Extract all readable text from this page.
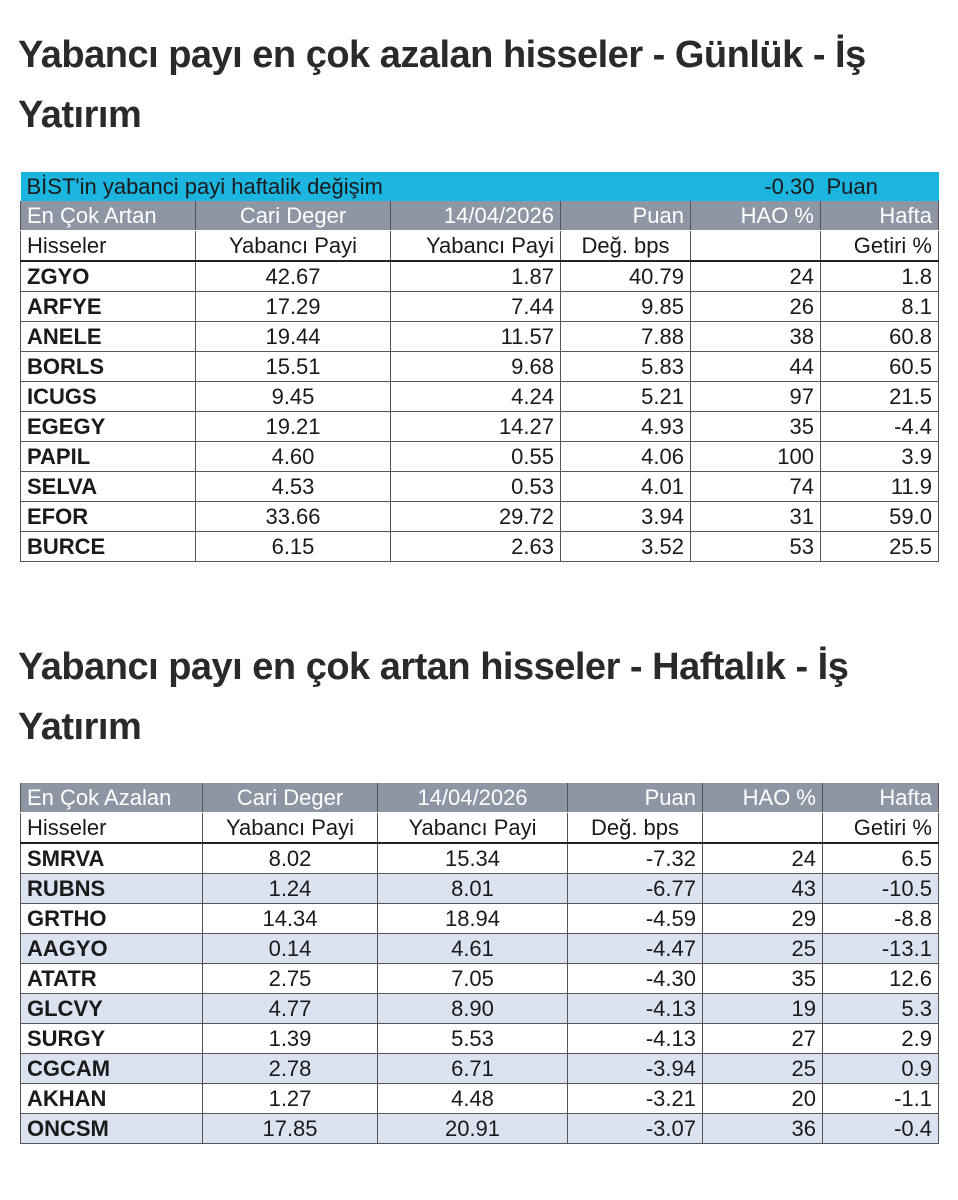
Yabancı payı en çok azalan hisseler - Günlük - İş Yatırım
BİST'in yabanci payi haftalik değişim				-0.30	Puan
En Çok Artan	Cari Deger	14/04/2026	Puan	HAO %	Hafta
Hisseler	Yabancı Payi	Yabancı Payi	Değ. bps		Getiri %
ZGYO	42.67	1.87	40.79	24	1.8
ARFYE	17.29	7.44	9.85	26	8.1
ANELE	19.44	11.57	7.88	38	60.8
BORLS	15.51	9.68	5.83	44	60.5
ICUGS	9.45	4.24	5.21	97	21.5
EGEGY	19.21	14.27	4.93	35	-4.4
PAPIL	4.60	0.55	4.06	100	3.9
SELVA	4.53	0.53	4.01	74	11.9
EFOR	33.66	29.72	3.94	31	59.0
BURCE	6.15	2.63	3.52	53	25.5
Yabancı payı en çok artan hisseler - Haftalık - İş Yatırım
En Çok Azalan	Cari Deger	14/04/2026	Puan	HAO %	Hafta
Hisseler	Yabancı Payi	Yabancı Payi	Değ. bps		Getiri %
SMRVA	8.02	15.34	-7.32	24	6.5
RUBNS	1.24	8.01	-6.77	43	-10.5
GRTHO	14.34	18.94	-4.59	29	-8.8
AAGYO	0.14	4.61	-4.47	25	-13.1
ATATR	2.75	7.05	-4.30	35	12.6
GLCVY	4.77	8.90	-4.13	19	5.3
SURGY	1.39	5.53	-4.13	27	2.9
CGCAM	2.78	6.71	-3.94	25	0.9
AKHAN	1.27	4.48	-3.21	20	-1.1
ONCSM	17.85	20.91	-3.07	36	-0.4
